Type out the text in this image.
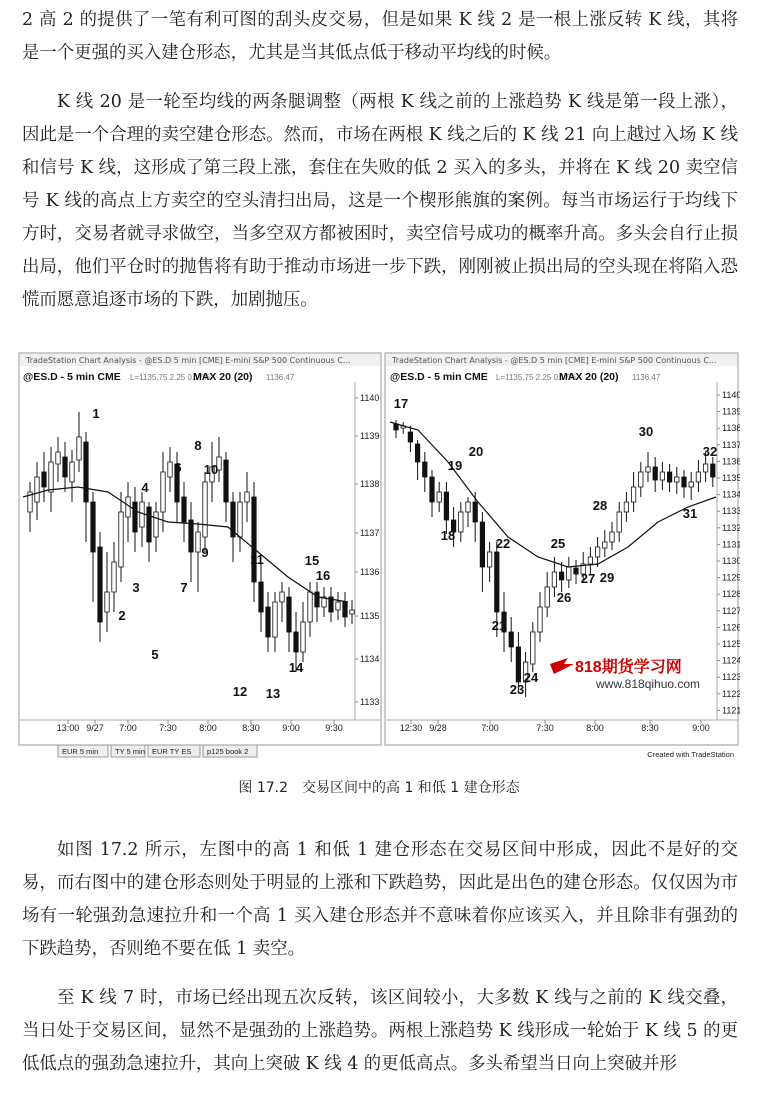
2 高 2 的提供了一笔有利可图的刮头皮交易，但是如果 K 线 2 是一根上涨反转 K 线，其将是一个更强的买入建仓形态，尤其是当其低点低于移动平均线的时候。

K 线 20 是一轮至均线的两条腿调整（两根 K 线之前的上涨趋势 K 线是第一段上涨），因此是一个合理的卖空建仓形态。然而，市场在两根 K 线之后的 K 线 21 向上越过入场 K 线和信号 K 线，这形成了第三段上涨，套住在失败的低 2 买入的多头，并将在 K 线 20 卖空信号 K 线的高点上方卖空的空头清扫出局，这是一个楔形熊旗的案例。每当市场运行于均线下方时，交易者就寻求做空，当多空双方都被困时，卖空信号成功的概率升高。多头会自行止损出局，他们平仓时的抛售将有助于推动市场进一步下跌，刚刚被止损出局的空头现在将陷入恐慌而愿意追逐市场的下跌，加剧抛压。

TradeStation Chart Analysis - @ES.D 5 min [CME] E-mini S&P 500 Continuous C...
@ES.D - 5 min CME L=1135.75 2.25 0.17%
MAX 20 (20) 1136.47
1140
1139
1138
1137
1136
1135
1134
1133
13:00 9/27 7:00 7:30 8:00	8:30 9:00	9:30
1
2
3
4
5
6
7
8
9
10
11
12 13
14
15
16
EUR 5 min TY 5 min EUR TY ES p125 book 2
TradeStation Chart Analysis - @ES.D 5 min [CME] E-mini S&P 500 Continuous C...
@ES.D - 5 min CME L=1135.75 2.25 0.17%
MAX 20 (20) 1136.47
1140
1139
1138
1137
1136
1135
1134
1133
1132
1131
1130
1129
1128
1127
1126
1125
1124
1123
1122
1121
12:30 9/28	7:00	7:30	8:00	8:30	9:00
17
18
19
20
21
22
23
24
25
26
27
28
29
30
31
32
Created with TradeStation
818期货学习网
www.818qihuo.com
图 17.2　交易区间中的高 1 和低 1 建仓形态

如图 17.2 所示，左图中的高 1 和低 1 建仓形态在交易区间中形成，因此不是好的交易，而右图中的建仓形态则处于明显的上涨和下跌趋势，因此是出色的建仓形态。仅仅因为市场有一轮强劲急速拉升和一个高 1 买入建仓形态并不意味着你应该买入，并且除非有强劲的下跌趋势，否则绝不要在低 1 卖空。

至 K 线 7 时，市场已经出现五次反转，该区间较小，大多数 K 线与之前的 K 线交叠，当日处于交易区间，显然不是强劲的上涨趋势。两根上涨趋势 K 线形成一轮始于 K 线 5 的更低低点的强劲急速拉升，其向上突破 K 线 4 的更低高点。多头希望当日向上突破并形
